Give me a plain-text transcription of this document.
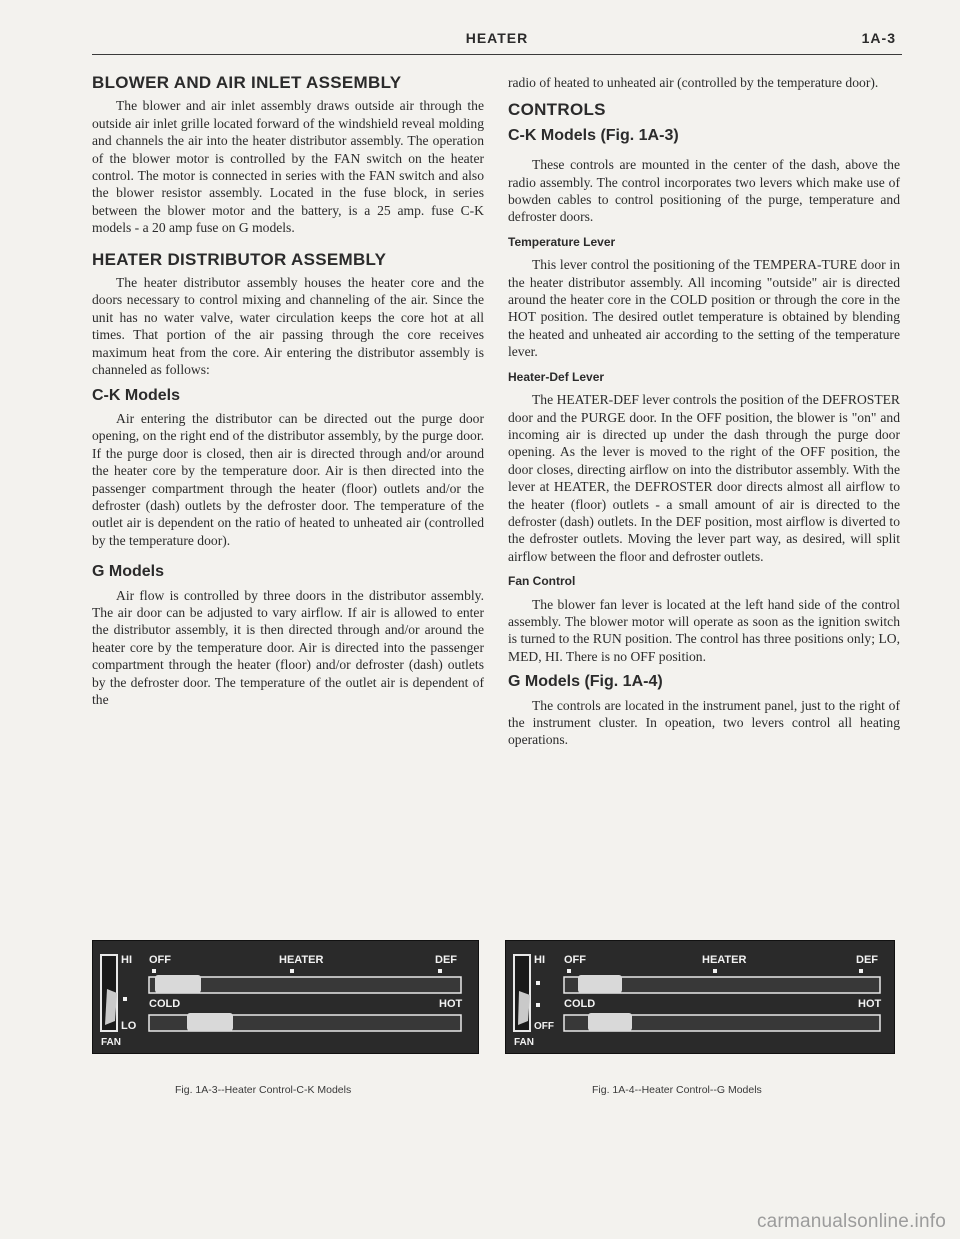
HEATER	1A-3
BLOWER AND AIR INLET ASSEMBLY

The blower and air inlet assembly draws outside air through the outside air inlet grille located forward of the windshield reveal molding and channels the air into the heater distributor assembly. The operation of the blower motor is controlled by the FAN switch on the heater control. The motor is connected in series with the FAN switch and also the blower resistor assembly. Located in the fuse block, in series between the blower motor and the battery, is a 25 amp. fuse C-K models - a 20 amp fuse on G models.

HEATER DISTRIBUTOR ASSEMBLY

The heater distributor assembly houses the heater core and the doors necessary to control mixing and channeling of the air. Since the unit has no water valve, water circulation keeps the core hot at all times. That portion of the air passing through the core receives maximum heat from the core. Air entering the distributor assembly is channeled as follows:

C-K Models

Air entering the distributor can be directed out the purge door opening, on the right end of the distributor assembly, by the purge door. If the purge door is closed, then air is directed through and/or around the heater core by the temperature door. Air is then directed into the passenger compartment through the heater (floor) outlets and/or the defroster (dash) outlets by the defroster door. The temperature of the outlet air is dependent on the ratio of heated to unheated air (controlled by the temperature door).

G Models

Air flow is controlled by three doors in the distributor assembly. The air door can be adjusted to vary airflow. If air is allowed to enter the distributor assembly, it is then directed through and/or around the heater core by the temperature door. Air is directed into the passenger compartment through the heater (floor) and/or defroster (dash) outlets by the defroster door. The temperature of the outlet air is dependent of the

radio of heated to unheated air (controlled by the temperature door).

CONTROLS
C-K Models (Fig. 1A-3)

These controls are mounted in the center of the dash, above the radio assembly. The control incorporates two levers which make use of bowden cables to control positioning of the purge, temperature and defroster doors.

Temperature Lever

This lever control the positioning of the TEMPERA-TURE door in the heater distributor assembly. All incoming "outside" air is directed around the heater core in the COLD position or through the core in the HOT position. The desired outlet temperature is obtained by blending the heated and unheated air according to the setting of the temperature lever.

Heater-Def Lever

The HEATER-DEF lever controls the position of the DEFROSTER door and the PURGE door. In the OFF position, the blower is "on" and incoming air is directed up under the dash through the purge door opening. As the lever is moved to the right of the OFF position, the door closes, directing airflow on into the distributor assembly. With the lever at HEATER, the DEFROSTER door directs almost all airflow to the heater (floor) outlets - a small amount of air is directed to the defroster (dash) outlets. In the DEF position, most airflow is diverted to the defroster outlets. Moving the lever part way, as desired, will split airflow between the floor and defroster outlets.

Fan Control

The blower fan lever is located at the left hand side of the control assembly. The blower motor will operate as soon as the ignition switch is turned to the RUN position. The control has three positions only; LO, MED, HI. There is no OFF position.

G Models (Fig. 1A-4)

The controls are located in the instrument panel, just to the right of the instrument cluster. In opeation, two levers control all heating operations.

HI
LO
FAN
OFF	HEATER	DEF
COLD	HOT
Fig. 1A-3--Heater Control-C-K Models
HI
OFF
FAN
OFF	HEATER	DEF
COLD	HOT
Fig. 1A-4--Heater Control--G Models
carmanualsonline.info
